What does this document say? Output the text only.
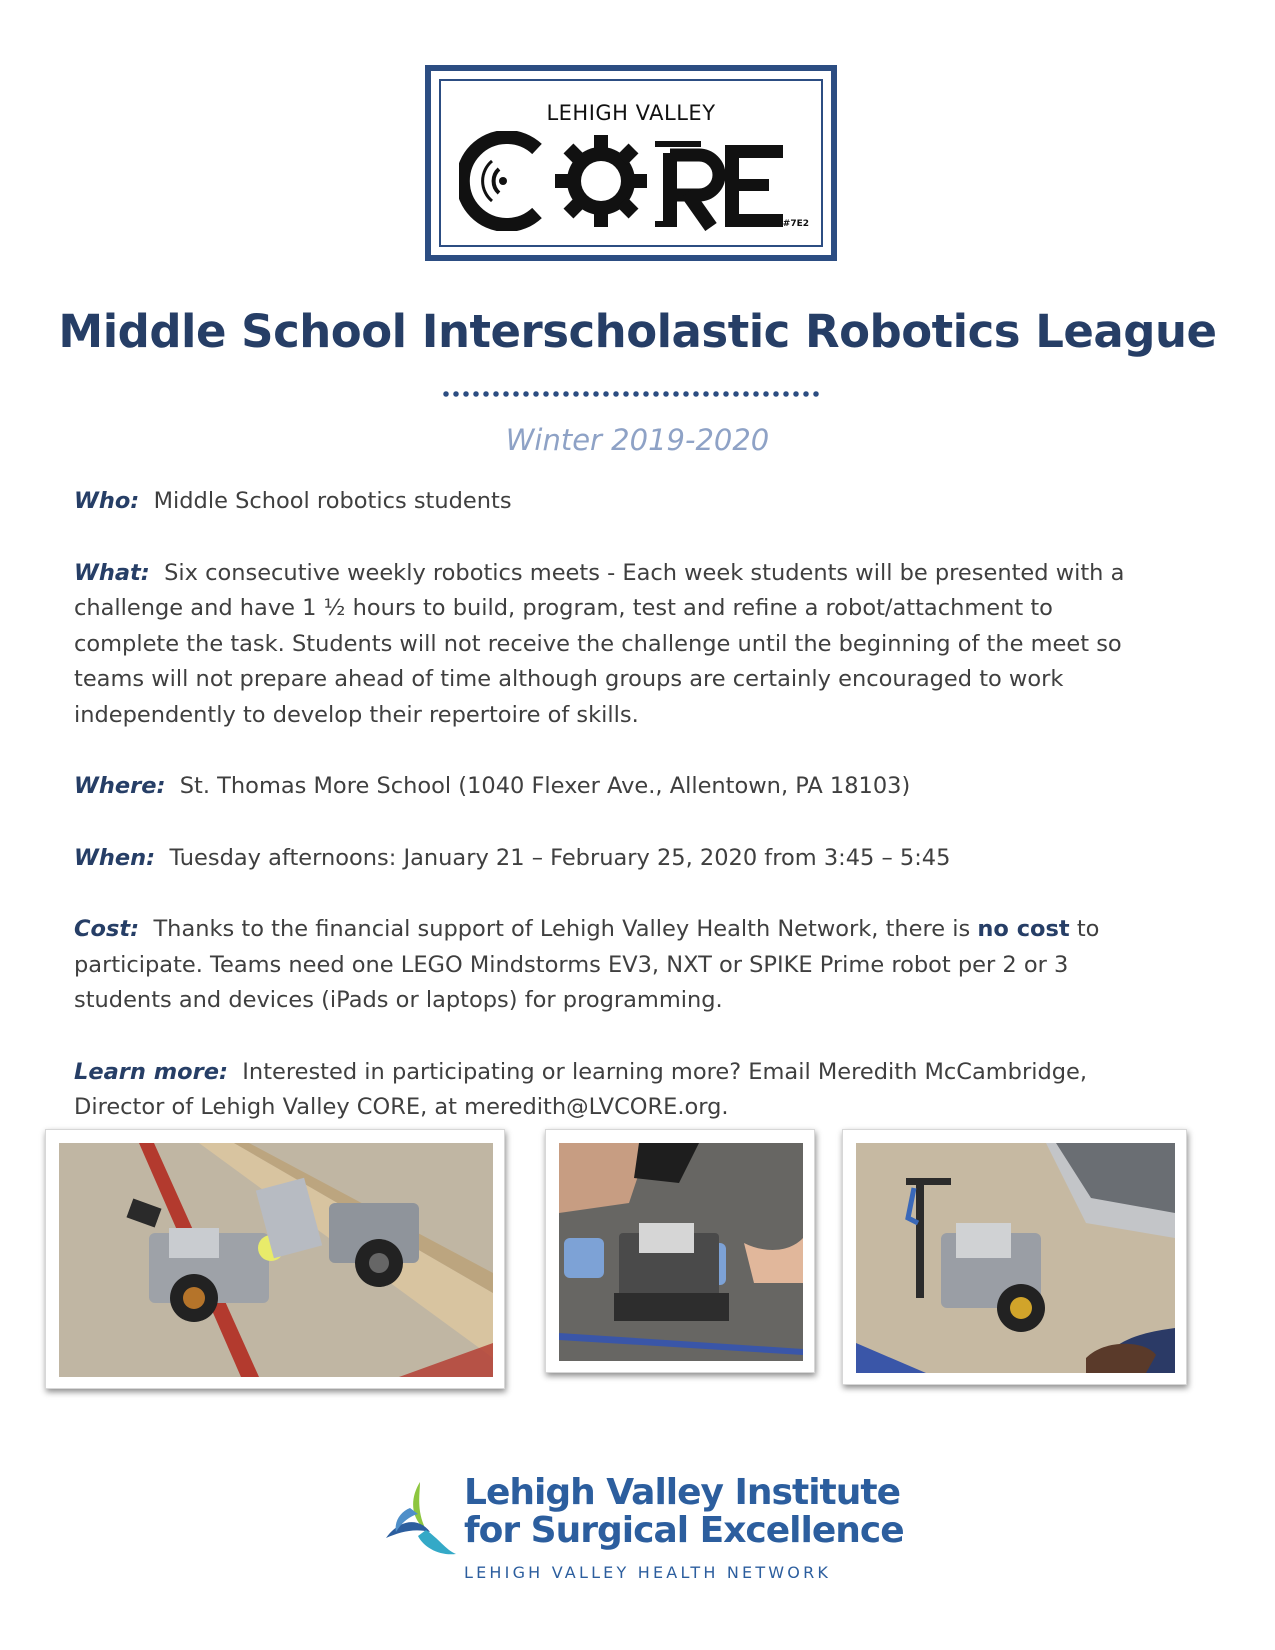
LEHIGH VALLEY
#7E2
Middle School Interscholastic Robotics League
Winter 2019-2020

Who: Middle School robotics students

What: Six consecutive weekly robotics meets - Each week students will be presented with a
challenge and have 1 ½ hours to build, program, test and refine a robot/attachment to
complete the task. Students will not receive the challenge until the beginning of the meet so
teams will not prepare ahead of time although groups are certainly encouraged to work
independently to develop their repertoire of skills.

Where: St. Thomas More School (1040 Flexer Ave., Allentown, PA 18103)

When: Tuesday afternoons: January 21 – February 25, 2020 from 3:45 – 5:45

Cost: Thanks to the financial support of Lehigh Valley Health Network, there is no cost to
participate. Teams need one LEGO Mindstorms EV3, NXT or SPIKE Prime robot per 2 or 3
students and devices (iPads or laptops) for programming.

Learn more: Interested in participating or learning more? Email Meredith McCambridge,
Director of Lehigh Valley CORE, at meredith@LVCORE.org.

Lehigh Valley Institute
for Surgical Excellence
LEHIGH VALLEY HEALTH NETWORK
